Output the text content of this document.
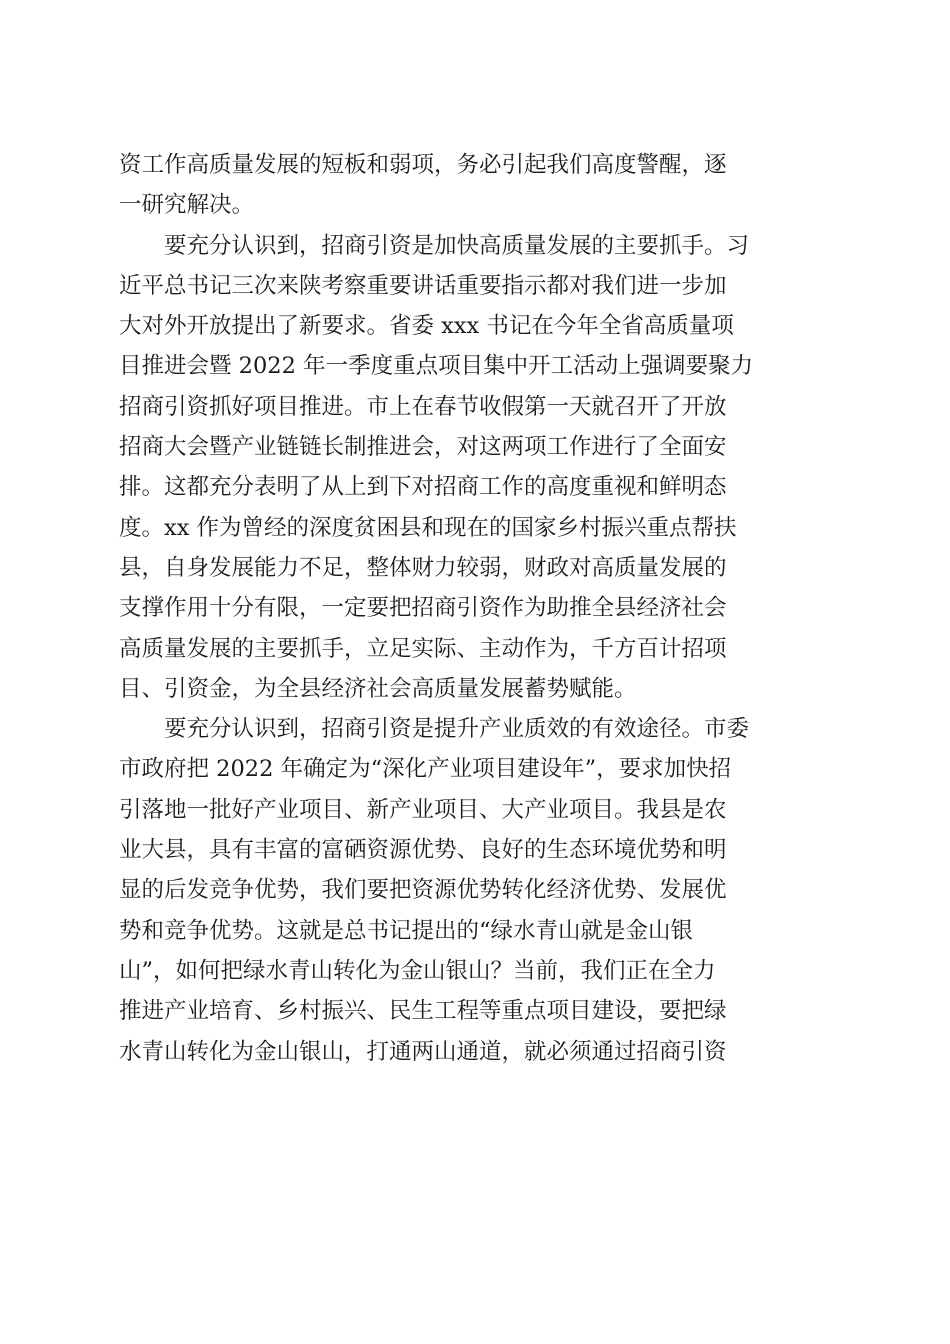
资工作高质量发展的短板和弱项，务必引起我们高度警醒，逐
一研究解决。
要充分认识到，招商引资是加快高质量发展的主要抓手。习
近平总书记三次来陕考察重要讲话重要指示都对我们进一步加
大对外开放提出了新要求。省委 xxx 书记在今年全省高质量项
目推进会暨 2022 年一季度重点项目集中开工活动上强调要聚力
招商引资抓好项目推进。市上在春节收假第一天就召开了开放
招商大会暨产业链链长制推进会，对这两项工作进行了全面安
排。这都充分表明了从上到下对招商工作的高度重视和鲜明态
度。xx 作为曾经的深度贫困县和现在的国家乡村振兴重点帮扶
县，自身发展能力不足，整体财力较弱，财政对高质量发展的
支撑作用十分有限，一定要把招商引资作为助推全县经济社会
高质量发展的主要抓手，立足实际、主动作为，千方百计招项
目、引资金，为全县经济社会高质量发展蓄势赋能。
要充分认识到，招商引资是提升产业质效的有效途径。市委
市政府把 2022 年确定为“深化产业项目建设年”，要求加快招
引落地一批好产业项目、新产业项目、大产业项目。我县是农
业大县，具有丰富的富硒资源优势、良好的生态环境优势和明
显的后发竞争优势，我们要把资源优势转化经济优势、发展优
势和竞争优势。这就是总书记提出的“绿水青山就是金山银
山”，如何把绿水青山转化为金山银山？当前，我们正在全力
推进产业培育、乡村振兴、民生工程等重点项目建设，要把绿
水青山转化为金山银山，打通两山通道，就必须通过招商引资
